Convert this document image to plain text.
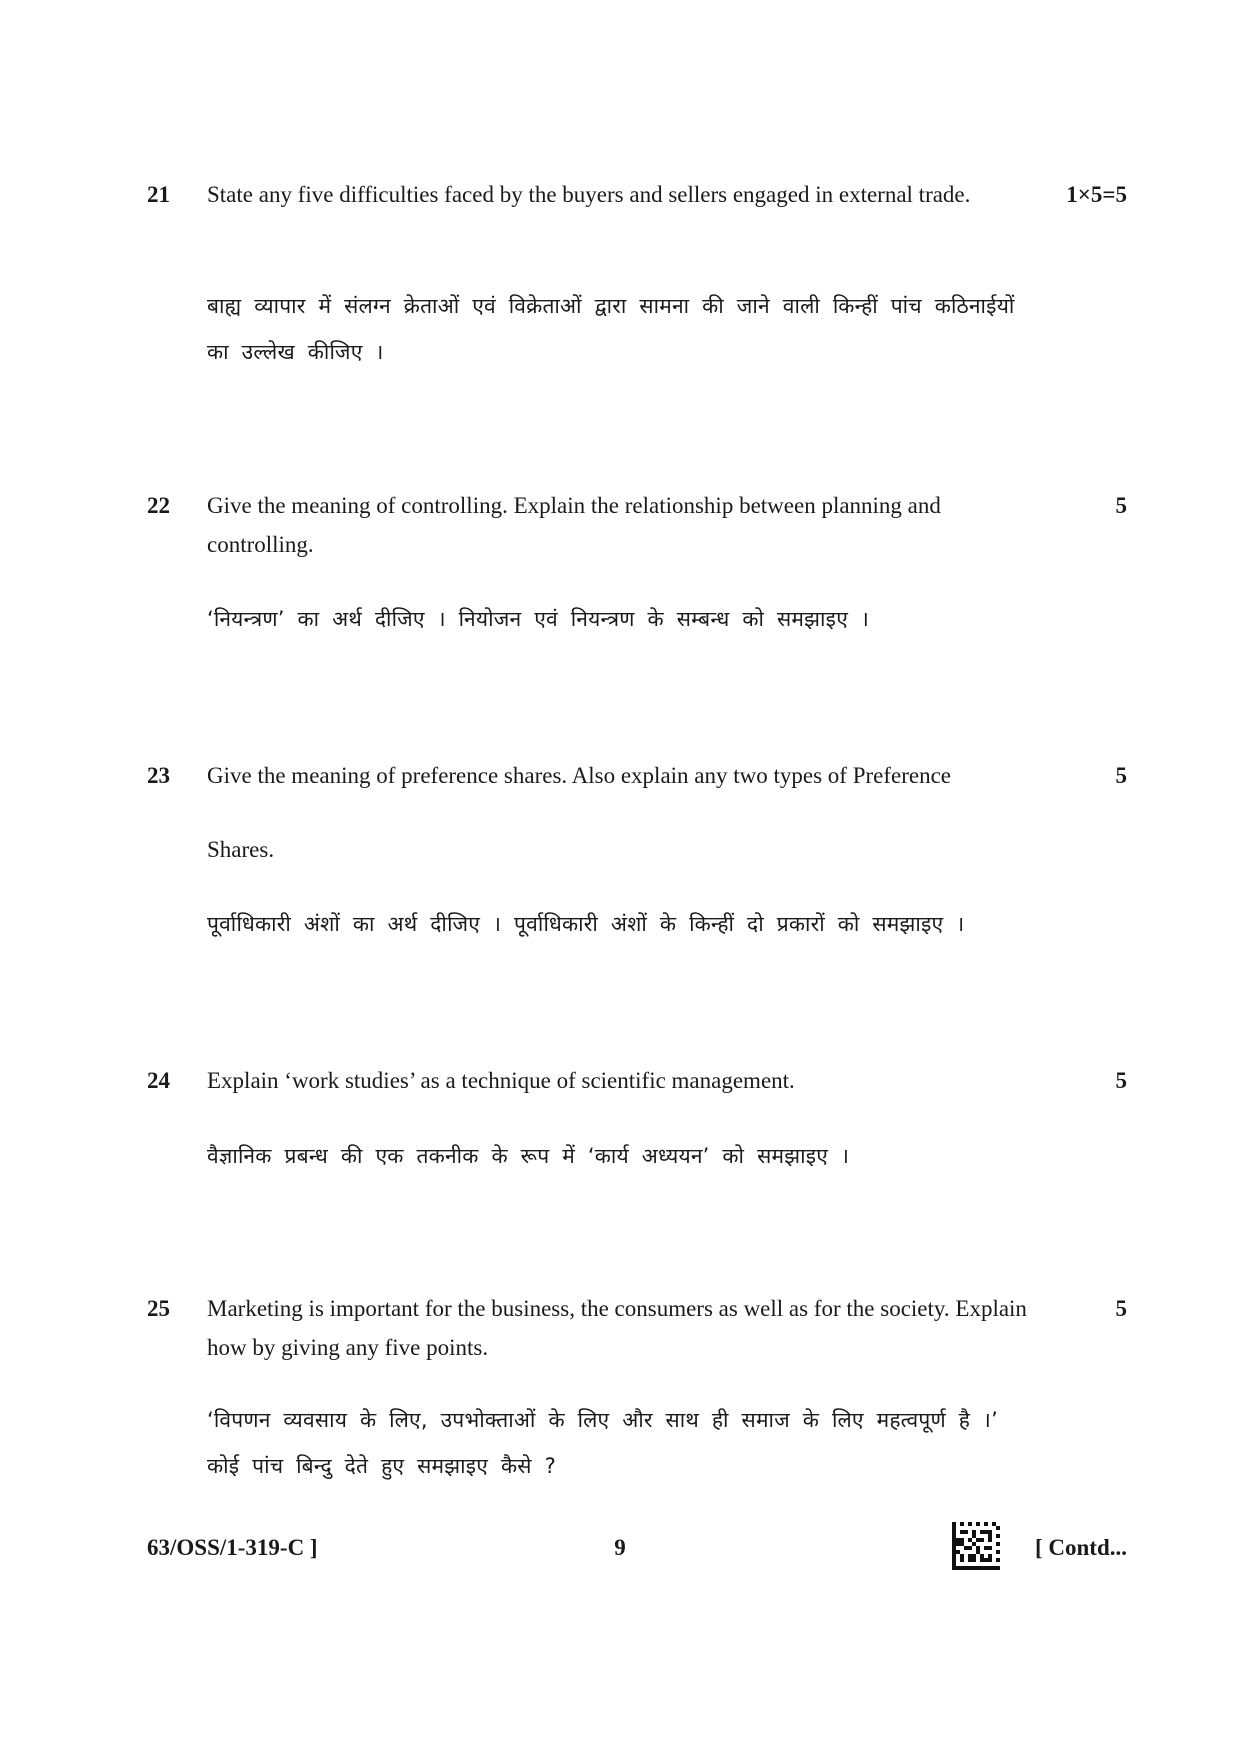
21 State any five difficulties faced by the buyers and sellers engaged in external trade.	1×5=5
बाह्य व्यापार में संलग्न क्रेताओं एवं विक्रेताओं द्वारा सामना की जाने वाली किन्हीं पांच कठिनाईयों
का उल्लेख कीजिए ।
22 Give the meaning of controlling. Explain the relationship between planning and controlling.
5
‘नियन्त्रण’ का अर्थ दीजिए । नियोजन एवं नियन्त्रण के सम्बन्ध को समझाइए ।
23 Give the meaning of preference shares. Also explain any two types of Preference
Shares.
5
पूर्वाधिकारी अंशों का अर्थ दीजिए । पूर्वाधिकारी अंशों के किन्हीं दो प्रकारों को समझाइए ।
24 Explain ‘work studies’ as a technique of scientific management.	5
वैज्ञानिक प्रबन्ध की एक तकनीक के रूप में ‘कार्य अध्ययन’ को समझाइए ।
25 Marketing is important for the business, the consumers as well as for the society. Explain how by giving any five points.
5
‘विपणन व्यवसाय के लिए, उपभोक्ताओं के लिए और साथ ही समाज के लिए महत्वपूर्ण है ।’
कोई पांच बिन्दु देते हुए समझाइए कैसे ?
63/OSS/1-319-C ]	9	[ Contd...
